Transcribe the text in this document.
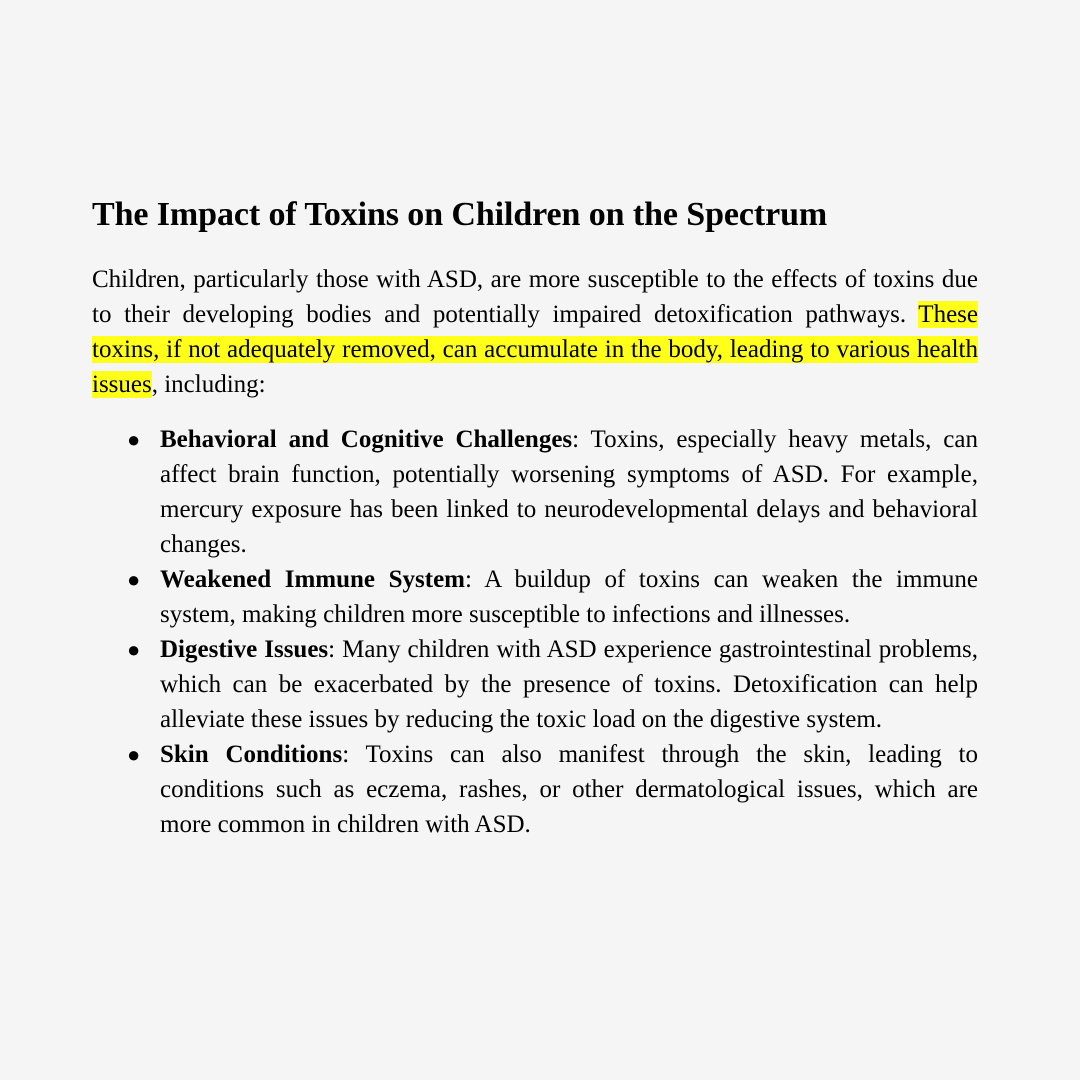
The Impact of Toxins on Children on the Spectrum

Children, particularly those with ASD, are more susceptible to the effects of toxins due to their developing bodies and potentially impaired detoxification pathways. These toxins, if not adequately removed, can accumulate in the body, leading to various health issues, including:

● Behavioral and Cognitive Challenges: Toxins, especially heavy metals, can affect brain function, potentially worsening symptoms of ASD. For example, mercury exposure has been linked to neurodevelopmental delays and behavioral changes.
● Weakened Immune System: A buildup of toxins can weaken the immune system, making children more susceptible to infections and illnesses.
● Digestive Issues: Many children with ASD experience gastrointestinal problems, which can be exacerbated by the presence of toxins. Detoxification can help alleviate these issues by reducing the toxic load on the digestive system.
● Skin Conditions: Toxins can also manifest through the skin, leading to conditions such as eczema, rashes, or other dermatological issues, which are more common in children with ASD.
